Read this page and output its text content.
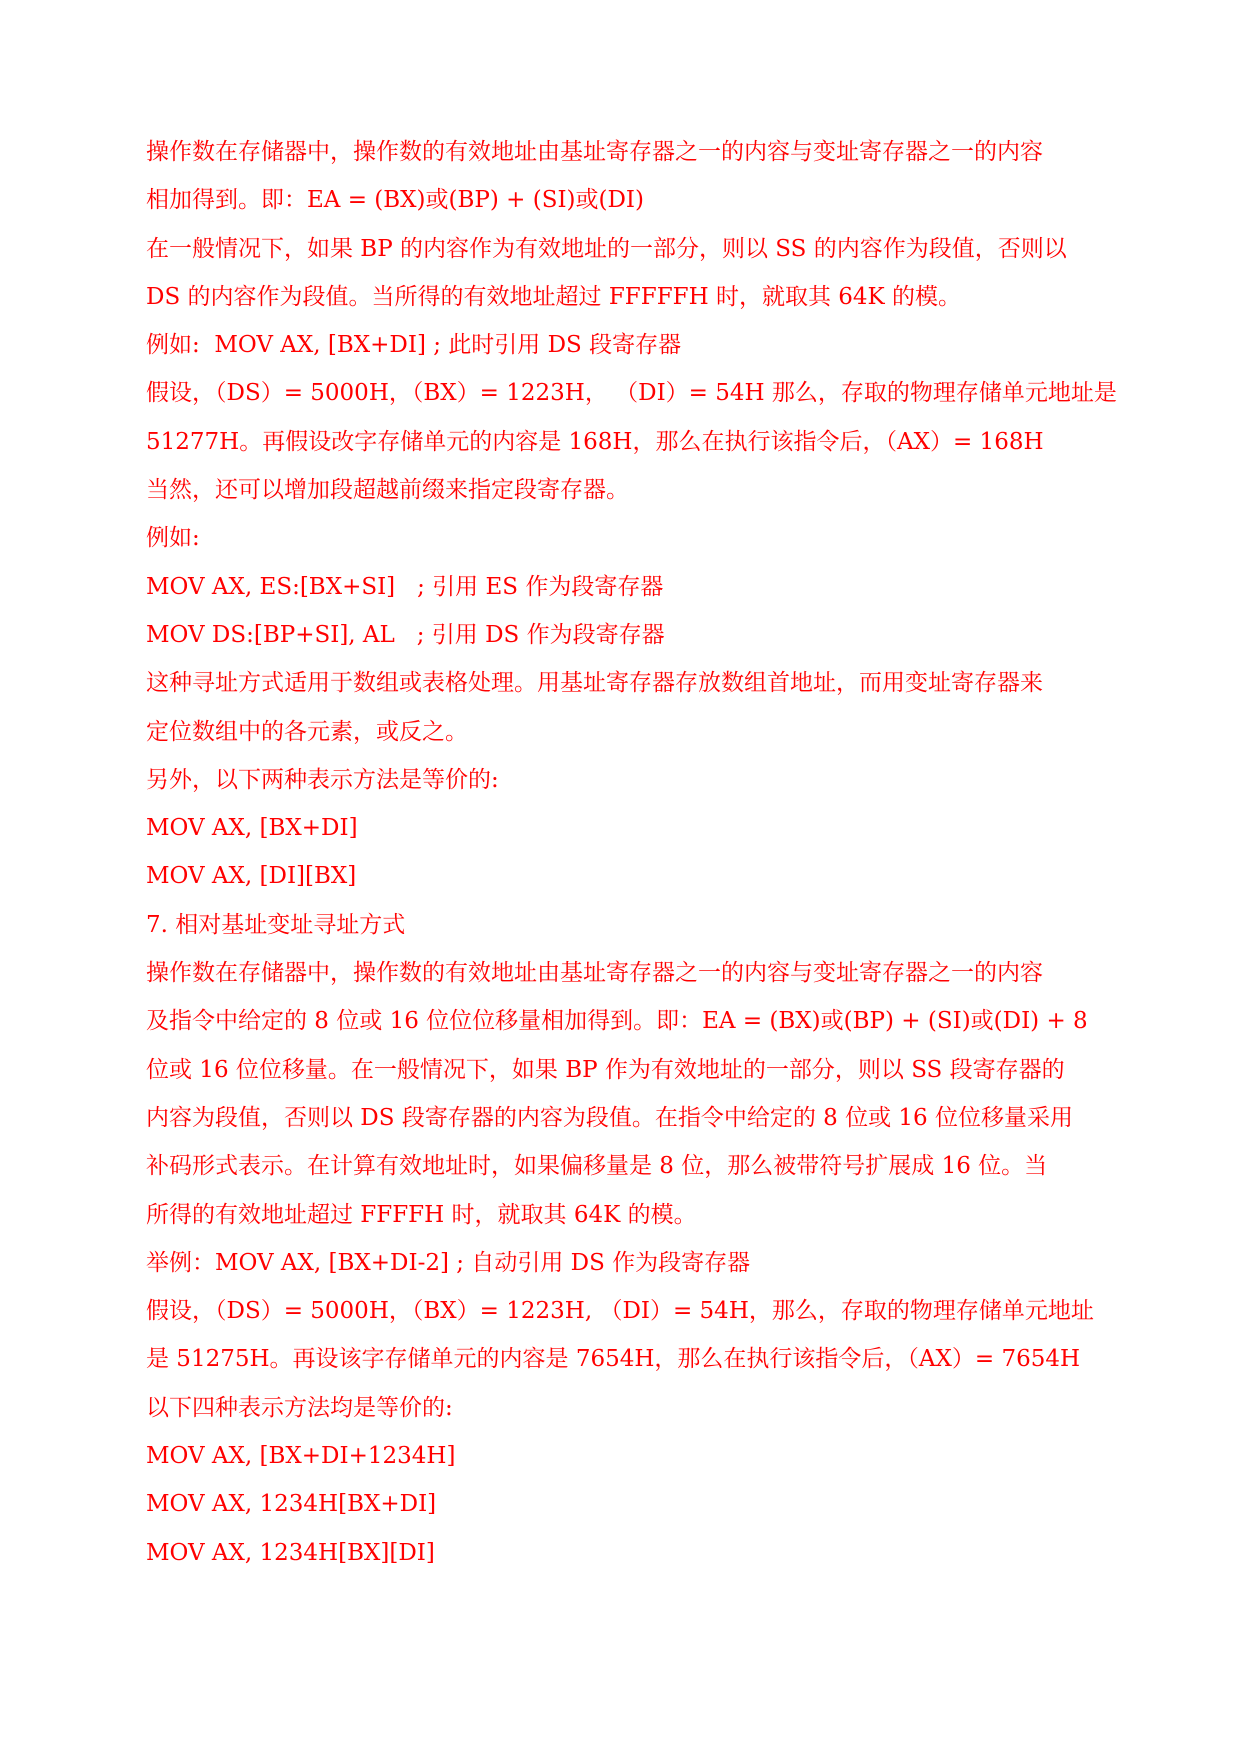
操作数在存储器中，操作数的有效地址由基址寄存器之一的内容与变址寄存器之一的内容
相加得到。即：EA = (BX)或(BP) + (SI)或(DI)
在一般情况下，如果 BP 的内容作为有效地址的一部分，则以 SS 的内容作为段值，否则以
DS 的内容作为段值。当所得的有效地址超过 FFFFFH 时，就取其 64K 的模。
例如:  MOV AX, [BX+DI] ; 此时引用 DS 段寄存器
假设，（DS）= 5000H，（BX）= 1223H， （DI）= 54H 那么，存取的物理存储单元地址是
51277H。再假设改字存储单元的内容是 168H，那么在执行该指令后，（AX）= 168H
当然，还可以增加段超越前缀来指定段寄存器。
例如:
MOV AX, ES:[BX+SI]   ; 引用 ES 作为段寄存器
MOV DS:[BP+SI], AL   ; 引用 DS 作为段寄存器
这种寻址方式适用于数组或表格处理。用基址寄存器存放数组首地址，而用变址寄存器来
定位数组中的各元素，或反之。
另外，以下两种表示方法是等价的:
MOV AX, [BX+DI]
MOV AX, [DI][BX]
7. 相对基址变址寻址方式
操作数在存储器中，操作数的有效地址由基址寄存器之一的内容与变址寄存器之一的内容
及指令中给定的 8 位或 16 位位位移量相加得到。即：EA = (BX)或(BP) + (SI)或(DI) + 8
位或 16 位位移量。在一般情况下，如果 BP 作为有效地址的一部分，则以 SS 段寄存器的
内容为段值，否则以 DS 段寄存器的内容为段值。在指令中给定的 8 位或 16 位位移量采用
补码形式表示。在计算有效地址时，如果偏移量是 8 位，那么被带符号扩展成 16 位。当
所得的有效地址超过 FFFFH 时，就取其 64K 的模。
举例：MOV AX, [BX+DI-2] ; 自动引用 DS 作为段寄存器
假设，（DS）= 5000H，（BX）= 1223H, （DI）= 54H，那么，存取的物理存储单元地址
是 51275H。再设该字存储单元的内容是 7654H，那么在执行该指令后，（AX）= 7654H
以下四种表示方法均是等价的:
MOV AX, [BX+DI+1234H]
MOV AX, 1234H[BX+DI]
MOV AX, 1234H[BX][DI]
